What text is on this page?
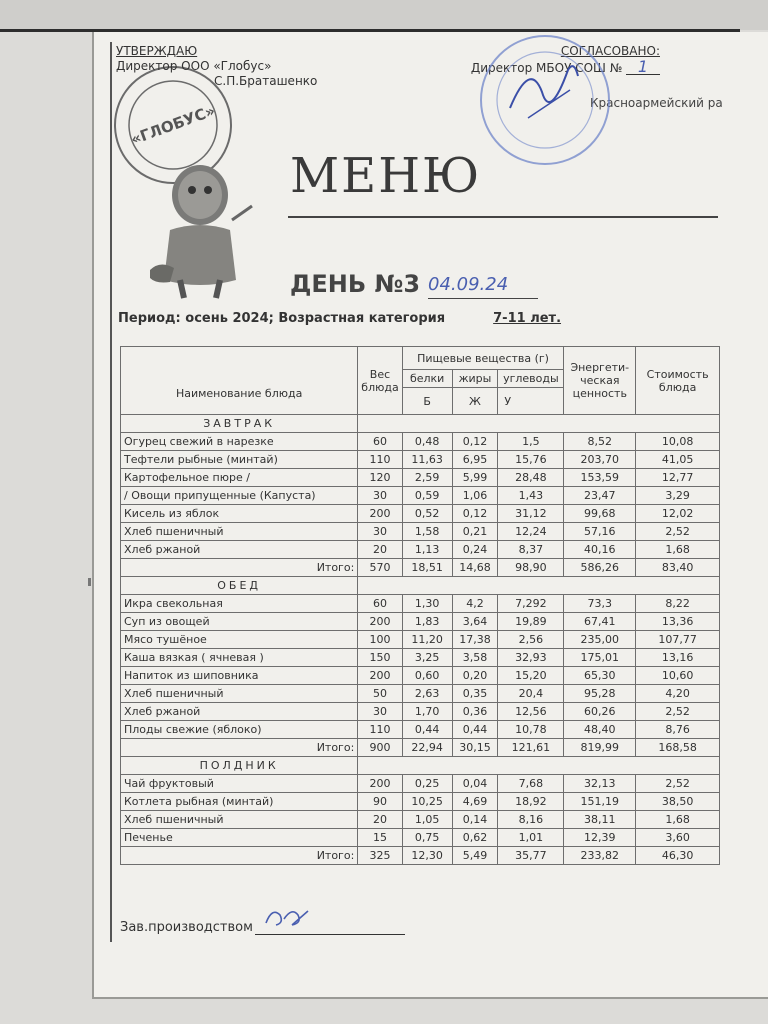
«ГЛОБУС»
УТВЕРЖДАЮ
Директор ООО «Глобус»
С.П.Браташенко
СОГЛАСОВАНО:
Директор МБОУ СОШ № 1
Красноармейский ра
МЕНЮ
ДЕНЬ №3 04.09.24
Период: осень 2024; Возрастная категория	7-11 лет.
Наименование блюда	Вес блюда	Пищевые вещества (г)			Энергети-ческая ценность	Стоимость блюда
		белки	жиры	углеводы		
		Б	Ж	У		
ЗАВТРАК						
Огурец свежий в нарезке	60	0,48	0,12	1,5	8,52	10,08
Тефтели рыбные (минтай)	110	11,63	6,95	15,76	203,70	41,05
Картофельное пюре /	120	2,59	5,99	28,48	153,59	12,77
/ Овощи припущенные (Капуста)	30	0,59	1,06	1,43	23,47	3,29
Кисель из яблок	200	0,52	0,12	31,12	99,68	12,02
Хлеб пшеничный	30	1,58	0,21	12,24	57,16	2,52
Хлеб ржаной	20	1,13	0,24	8,37	40,16	1,68
Итого:	570	18,51	14,68	98,90	586,26	83,40
ОБЕД						
Икра свекольная	60	1,30	4,2	7,292	73,3	8,22
Суп из овощей	200	1,83	3,64	19,89	67,41	13,36
Мясо тушёное	100	11,20	17,38	2,56	235,00	107,77
Каша вязкая ( ячневая )	150	3,25	3,58	32,93	175,01	13,16
Напиток из шиповника	200	0,60	0,20	15,20	65,30	10,60
Хлеб пшеничный	50	2,63	0,35	20,4	95,28	4,20
Хлеб ржаной	30	1,70	0,36	12,56	60,26	2,52
Плоды свежие (яблоко)	110	0,44	0,44	10,78	48,40	8,76
Итого:	900	22,94	30,15	121,61	819,99	168,58
ПОЛДНИК						
Чай фруктовый	200	0,25	0,04	7,68	32,13	2,52
Котлета рыбная (минтай)	90	10,25	4,69	18,92	151,19	38,50
Хлеб пшеничный	20	1,05	0,14	8,16	38,11	1,68
Печенье	15	0,75	0,62	1,01	12,39	3,60
Итого:	325	12,30	5,49	35,77	233,82	46,30
Зав.производством
